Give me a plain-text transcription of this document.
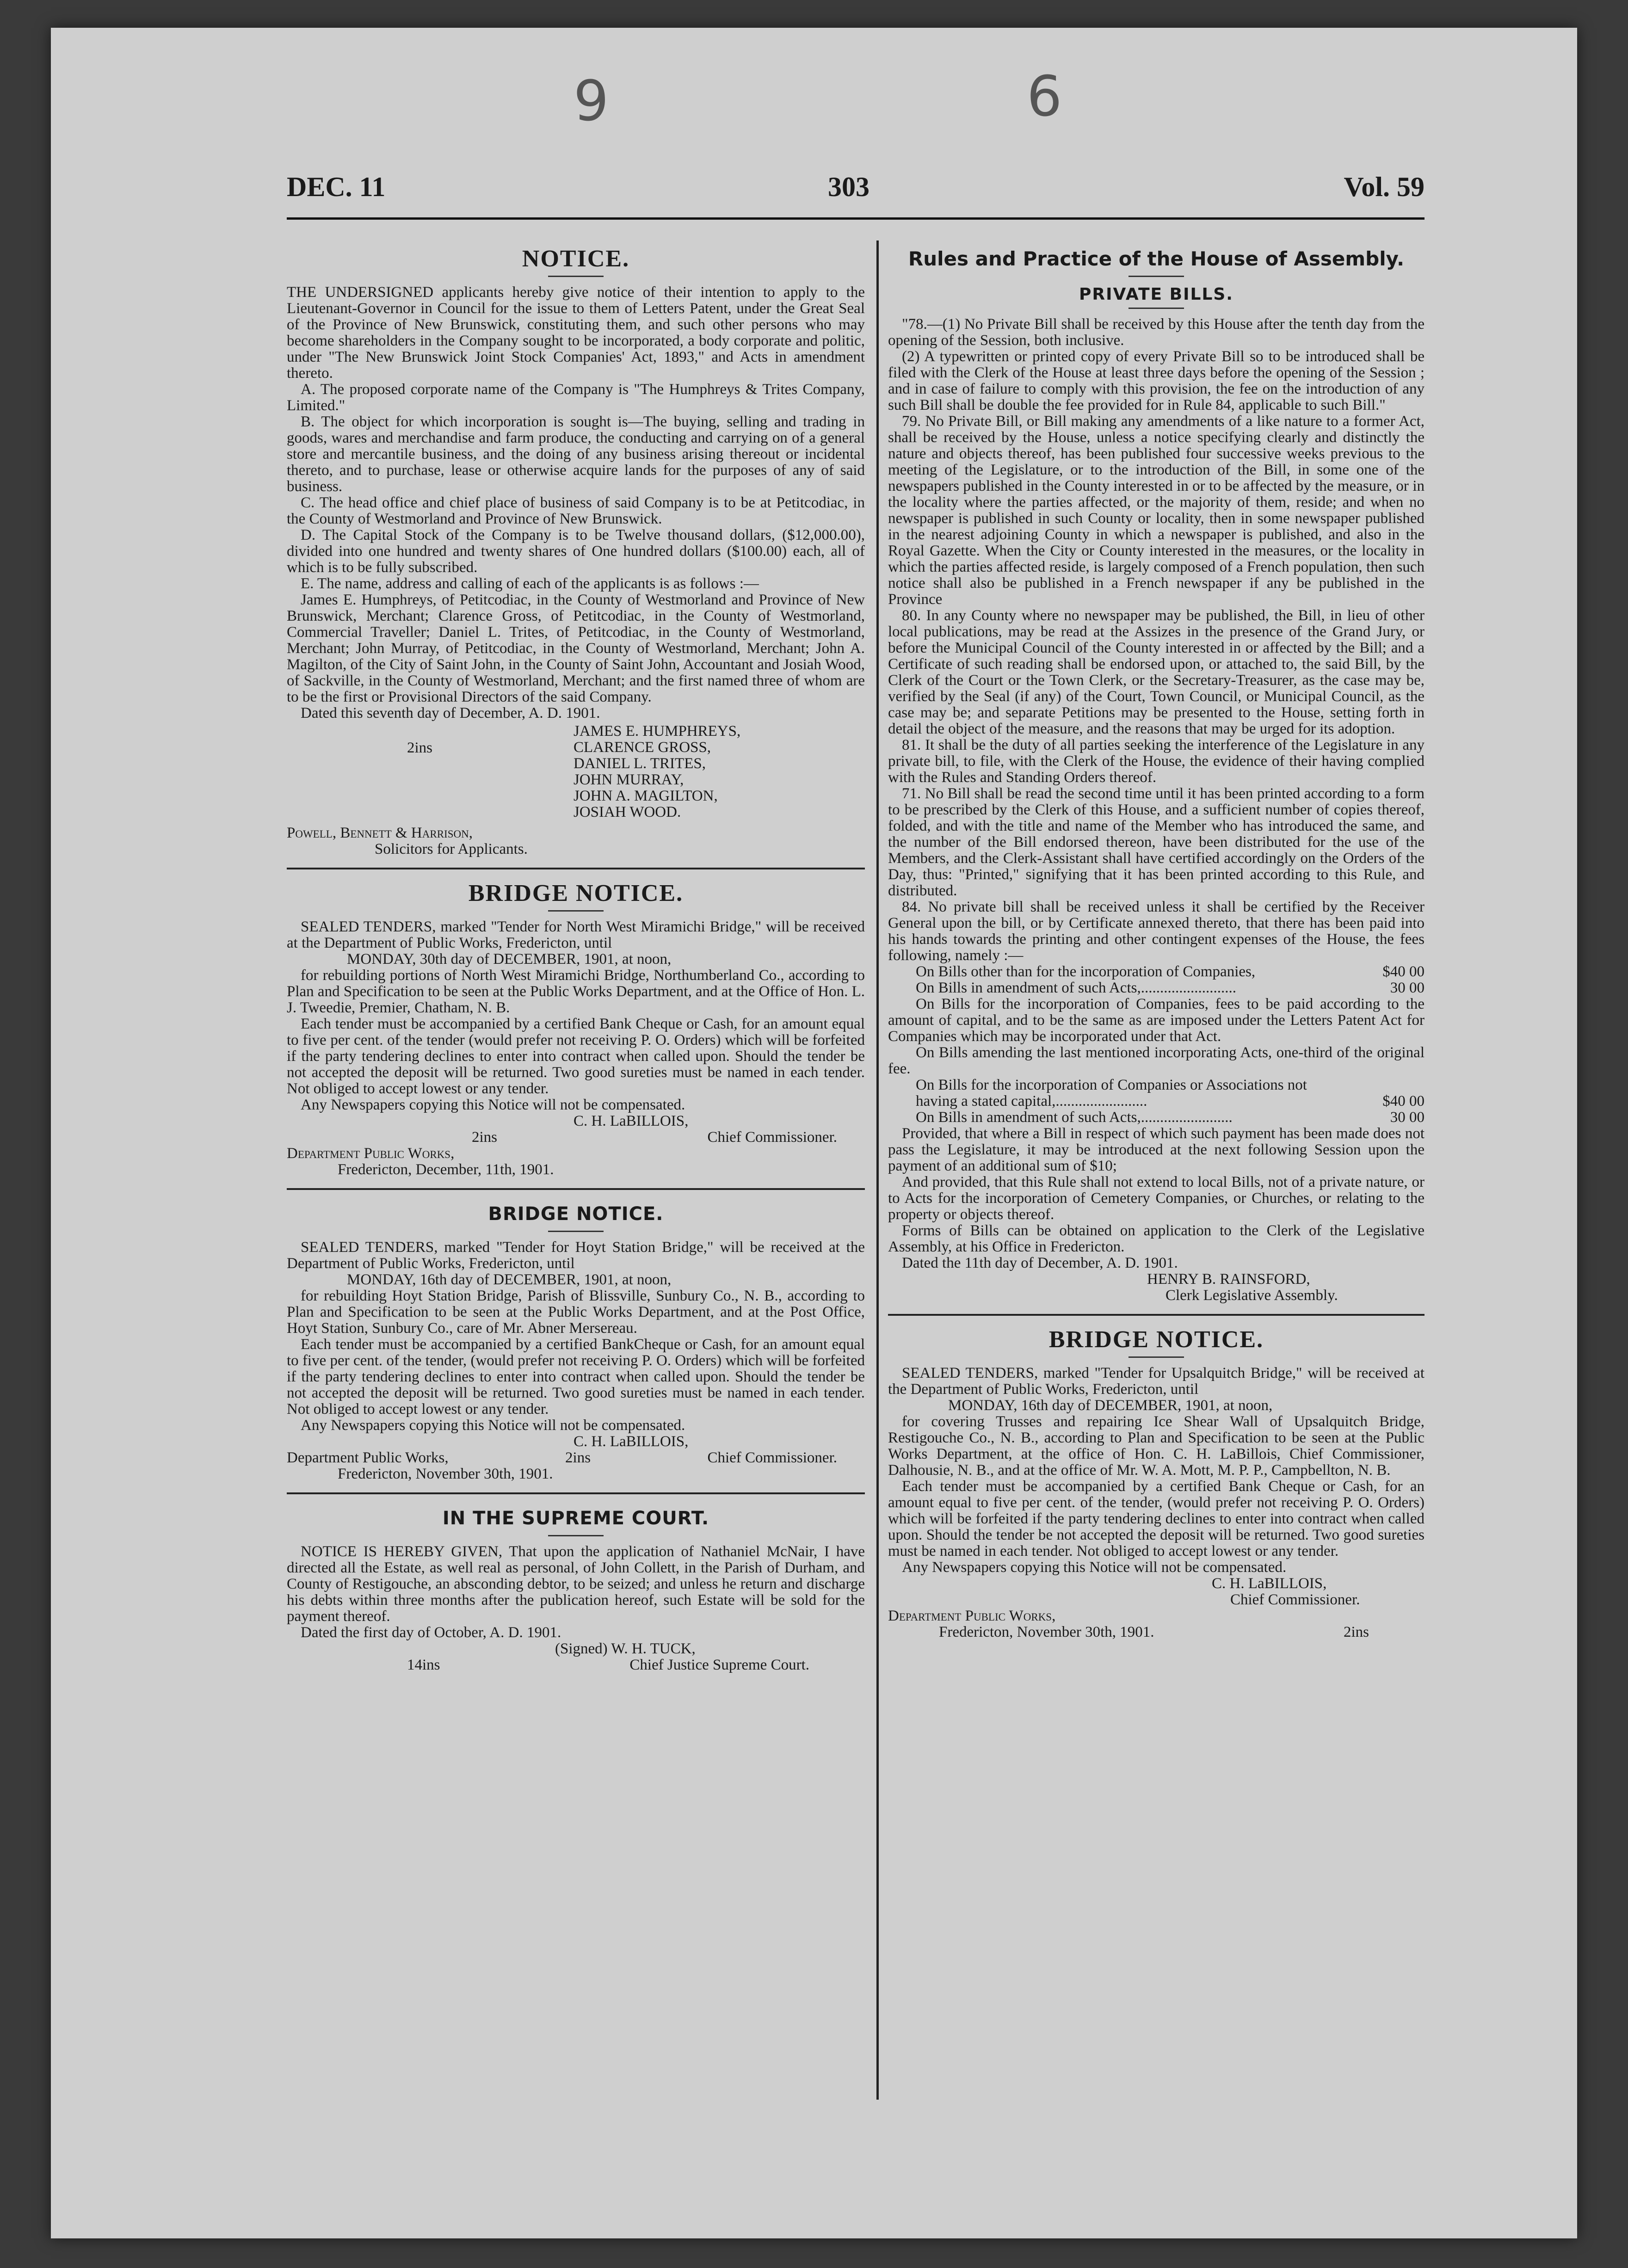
9	6
DEC. 11	303	Vol. 59
NOTICE.

THE UNDERSIGNED applicants hereby give notice of their intention to apply to the Lieutenant-Governor in Council for the issue to them of Letters Patent, under the Great Seal of the Province of New Brunswick, constituting them, and such other persons who may become shareholders in the Company sought to be incorporated, a body corporate and politic, under "The New Brunswick Joint Stock Companies' Act, 1893," and Acts in amendment thereto.

A. The proposed corporate name of the Company is "The Humphreys & Trites Company, Limited."

B. The object for which incorporation is sought is—The buying, selling and trading in goods, wares and merchandise and farm produce, the conducting and carrying on of a general store and mercantile business, and the doing of any business arising thereout or incidental thereto, and to purchase, lease or otherwise acquire lands for the purposes of any of said business.

C. The head office and chief place of business of said Company is to be at Petitcodiac, in the County of Westmorland and Province of New Brunswick.

D. The Capital Stock of the Company is to be Twelve thousand dollars, ($12,000.00), divided into one hundred and twenty shares of One hundred dollars ($100.00) each, all of which is to be fully subscribed.

E. The name, address and calling of each of the applicants is as follows :—

James E. Humphreys, of Petitcodiac, in the County of Westmorland and Province of New Brunswick, Merchant; Clarence Gross, of Petitcodiac, in the County of Westmorland, Commercial Traveller; Daniel L. Trites, of Petitcodiac, in the County of Westmorland, Merchant; John Murray, of Petitcodiac, in the County of Westmorland, Merchant; John A. Magilton, of the City of Saint John, in the County of Saint John, Accountant and Josiah Wood, of Sackville, in the County of Westmorland, Merchant; and the first named three of whom are to be the first or Provisional Directors of the said Company.

Dated this seventh day of December, A. D. 1901.

2ins
JAMES E. HUMPHREYS,
CLARENCE GROSS,
DANIEL L. TRITES,
JOHN MURRAY,
JOHN A. MAGILTON,
JOSIAH WOOD.
Powell, Bennett & Harrison,
Solicitors for Applicants.
BRIDGE NOTICE.

SEALED TENDERS, marked "Tender for North West Miramichi Bridge," will be received at the Department of Public Works, Fredericton, until

MONDAY, 30th day of DECEMBER, 1901, at noon,

for rebuilding portions of North West Miramichi Bridge, Northumberland Co., according to Plan and Specification to be seen at the Public Works Department, and at the Office of Hon. L. J. Tweedie, Premier, Chatham, N. B.

Each tender must be accompanied by a certified Bank Cheque or Cash, for an amount equal to five per cent. of the tender (would prefer not receiving P. O. Orders) which will be forfeited if the party tendering declines to enter into contract when called upon. Should the tender be not accepted the deposit will be returned. Two good sureties must be named in each tender. Not obliged to accept lowest or any tender.

Any Newspapers copying this Notice will not be compensated.

C. H. LaBILLOIS,
2ins	Chief Commissioner.
Department Public Works,
Fredericton, December, 11th, 1901.
BRIDGE NOTICE.

SEALED TENDERS, marked "Tender for Hoyt Station Bridge," will be received at the Department of Public Works, Fredericton, until

MONDAY, 16th day of DECEMBER, 1901, at noon,

for rebuilding Hoyt Station Bridge, Parish of Blissville, Sunbury Co., N. B., according to Plan and Specification to be seen at the Public Works Department, and at the Post Office, Hoyt Station, Sunbury Co., care of Mr. Abner Mersereau.

Each tender must be accompanied by a certified BankCheque or Cash, for an amount equal to five per cent. of the tender, (would prefer not receiving P. O. Orders) which will be forfeited if the party tendering declines to enter into contract when called upon. Should the tender be not accepted the deposit will be returned. Two good sureties must be named in each tender. Not obliged to accept lowest or any tender.

Any Newspapers copying this Notice will not be compensated.

C. H. LaBILLOIS,
Department Public Works,	2ins	Chief Commissioner.
Fredericton, November 30th, 1901.
IN THE SUPREME COURT.

NOTICE IS HEREBY GIVEN, That upon the application of Nathaniel McNair, I have directed all the Estate, as well real as personal, of John Collett, in the Parish of Durham, and County of Restigouche, an absconding debtor, to be seized; and unless he return and discharge his debts within three months after the publication hereof, such Estate will be sold for the payment thereof.

Dated the first day of October, A. D. 1901.

(Signed) W. H. TUCK,
14ins	Chief Justice Supreme Court.
Rules and Practice of the House of Assembly.
PRIVATE BILLS.

"78.—(1) No Private Bill shall be received by this House after the tenth day from the opening of the Session, both inclusive.

(2) A typewritten or printed copy of every Private Bill so to be introduced shall be filed with the Clerk of the House at least three days before the opening of the Session ; and in case of failure to comply with this provision, the fee on the introduction of any such Bill shall be double the fee provided for in Rule 84, applicable to such Bill."

79. No Private Bill, or Bill making any amendments of a like nature to a former Act, shall be received by the House, unless a notice specifying clearly and distinctly the nature and objects thereof, has been published four successive weeks previous to the meeting of the Legislature, or to the introduction of the Bill, in some one of the newspapers published in the County interested in or to be affected by the measure, or in the locality where the parties affected, or the majority of them, reside; and when no newspaper is published in such County or locality, then in some newspaper published in the nearest adjoining County in which a newspaper is published, and also in the Royal Gazette. When the City or County interested in the measures, or the locality in which the parties affected reside, is largely composed of a French population, then such notice shall also be published in a French newspaper if any be published in the Province

80. In any County where no newspaper may be published, the Bill, in lieu of other local publications, may be read at the Assizes in the presence of the Grand Jury, or before the Municipal Council of the County interested in or affected by the Bill; and a Certificate of such reading shall be endorsed upon, or attached to, the said Bill, by the Clerk of the Court or the Town Clerk, or the Secretary-Treasurer, as the case may be, verified by the Seal (if any) of the Court, Town Council, or Municipal Council, as the case may be; and separate Petitions may be presented to the House, setting forth in detail the object of the measure, and the reasons that may be urged for its adoption.

81. It shall be the duty of all parties seeking the interference of the Legislature in any private bill, to file, with the Clerk of the House, the evidence of their having complied with the Rules and Standing Orders thereof.

71. No Bill shall be read the second time until it has been printed according to a form to be prescribed by the Clerk of this House, and a sufficient number of copies thereof, folded, and with the title and name of the Member who has introduced the same, and the number of the Bill endorsed thereon, have been distributed for the use of the Members, and the Clerk-Assistant shall have certified accordingly on the Orders of the Day, thus: "Printed," signifying that it has been printed according to this Rule, and distributed.

84. No private bill shall be received unless it shall be certified by the Receiver General upon the bill, or by Certificate annexed thereto, that there has been paid into his hands towards the printing and other contingent expenses of the House, the fees following, namely :—

On Bills other than for the incorporation of Companies,	$40 00
On Bills in amendment of such Acts,.........................	30 00

On Bills for the incorporation of Companies, fees to be paid according to the amount of capital, and to be the same as are imposed under the Letters Patent Act for Companies which may be incorporated under that Act.

On Bills amending the last mentioned incorporating Acts, one-third of the original fee.

On Bills for the incorporation of Companies or Associations not having a stated capital,........................	$40 00
On Bills in amendment of such Acts,........................	30 00

Provided, that where a Bill in respect of which such payment has been made does not pass the Legislature, it may be introduced at the next following Session upon the payment of an additional sum of $10;

And provided, that this Rule shall not extend to local Bills, not of a private nature, or to Acts for the incorporation of Cemetery Companies, or Churches, or relating to the property or objects thereof.

Forms of Bills can be obtained on application to the Clerk of the Legislative Assembly, at his Office in Fredericton.

Dated the 11th day of December, A. D. 1901.

HENRY B. RAINSFORD,
Clerk Legislative Assembly.
BRIDGE NOTICE.

SEALED TENDERS, marked "Tender for Upsalquitch Bridge," will be received at the Department of Public Works, Fredericton, until

MONDAY, 16th day of DECEMBER, 1901, at noon,

for covering Trusses and repairing Ice Shear Wall of Upsalquitch Bridge, Restigouche Co., N. B., according to Plan and Specification to be seen at the Public Works Department, at the office of Hon. C. H. LaBillois, Chief Commissioner, Dalhousie, N. B., and at the office of Mr. W. A. Mott, M. P. P., Campbellton, N. B.

Each tender must be accompanied by a certified Bank Cheque or Cash, for an amount equal to five per cent. of the tender, (would prefer not receiving P. O. Orders) which will be forfeited if the party tendering declines to enter into contract when called upon. Should the tender be not accepted the deposit will be returned. Two good sureties must be named in each tender. Not obliged to accept lowest or any tender.

Any Newspapers copying this Notice will not be compensated.

C. H. LaBILLOIS,
Chief Commissioner.
Department Public Works,
Fredericton, November 30th, 1901.	2ins
